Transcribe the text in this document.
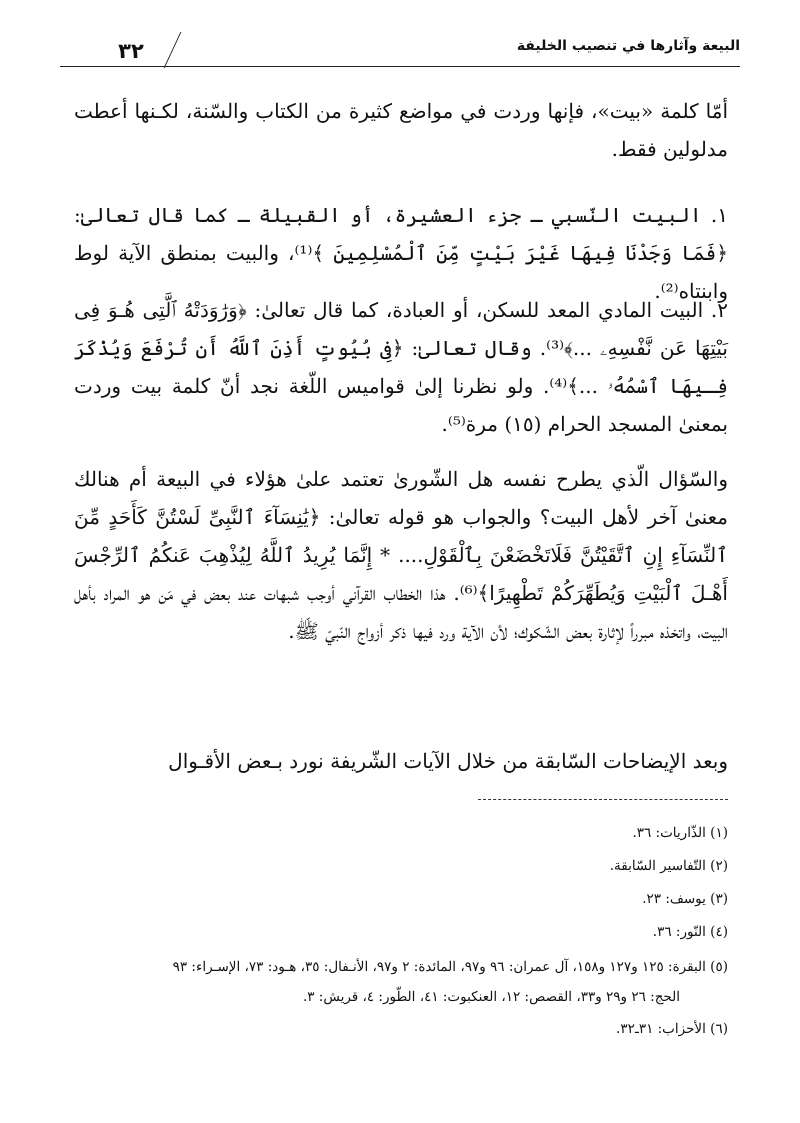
٣٢	البيعة وآثارها في تنصيب الخليفة

أمّا كلمة «بيت»، فإنها وردت في مواضع كثيرة من الكتاب والسّنة، لكـنها أعطت مدلولين فقط.

١. البيت النّسبي ـ جزء العشيرة، أو القبيلة ـ كما قال تعالىٰ: ﴿فَمَا وَجَدْنَا فِيهَا غَيْرَ بَيْتٍ مِّنَ ٱلْمُسْلِمِينَ ﴾⁽¹⁾، والبيت بمنطق الآية لوط وابنتاه⁽²⁾.

٢. البيت المادي المعد للسكن، أو العبادة، كما قال تعالىٰ: ﴿وَرَٰوَدَتْهُ ٱلَّتِى هُـوَ فِى بَيْتِهَا عَن نَّفْسِهِۦ ...﴾⁽³⁾. وقال تعالىٰ: ﴿فِى بُيُوتٍ أَذِنَ ٱللَّهُ أَن تُرْفَعَ وَيُذْكَرَ فِـيهَا ٱسْمُهُۥ ...﴾⁽⁴⁾. ولو نظرنا إلىٰ قواميس اللّغة نجد أنّ كلمة بيت وردت بمعنىٰ المسجد الحرام (١٥) مرة⁽⁵⁾.

والسّؤال الّذي يطرح نفسه هل الشّورىٰ تعتمد علىٰ هؤلاء في البيعة أم هنالك معنىٰ آخر لأهل البيت؟ والجواب هو قوله تعالىٰ: ﴿يَٰنِسَآءَ ٱلنَّبِىِّ لَسْتُنَّ كَأَحَدٍ مِّنَ ٱلنِّسَآءِ إِنِ ٱتَّقَيْتُنَّ فَلَاتَخْضَعْنَ بِٱلْقَوْلِ.... * إِنَّمَا يُرِيدُ ٱللَّهُ لِيُذْهِبَ عَنكُمُ ٱلرِّجْسَ أَهْـلَ ٱلْبَيْتِ وَيُطَهِّرَكُمْ تَطْهِيرًا﴾⁽⁶⁾. هذا الخطاب القرآني أوجب شبهات عند بعض في مَن هو المراد بأهل البيت، واتخذه مبرراً لإثارة بعض الشّكوك؛ لأن الآية ورد فيها ذكر أزواج النّبيّ ﷺ.

وبعد الإيضاحات السّابقة من خلال الآيات الشّريفة نورد بـعض الأقـوال

(١) الذّاريات: ٣٦.
(٢) التّفاسير السّابقة.
(٣) يوسف: ٢٣.
(٤) النّور: ٣٦.
(٥) البقرة: ١٢٥ و١٢٧ و١٥٨، آل عمران: ٩٦ و٩٧، المائدة: ٢ و٩٧، الأنـفال: ٣٥، هـود: ٧٣، الإسـراء: ٩٣
الحج: ٢٦ و٢٩ و٣٣، القصص: ١٢، العنكبوت: ٤١، الطّور: ٤، قريش: ٣.
(٦) الأحزاب: ٣١ـ٣٢.
